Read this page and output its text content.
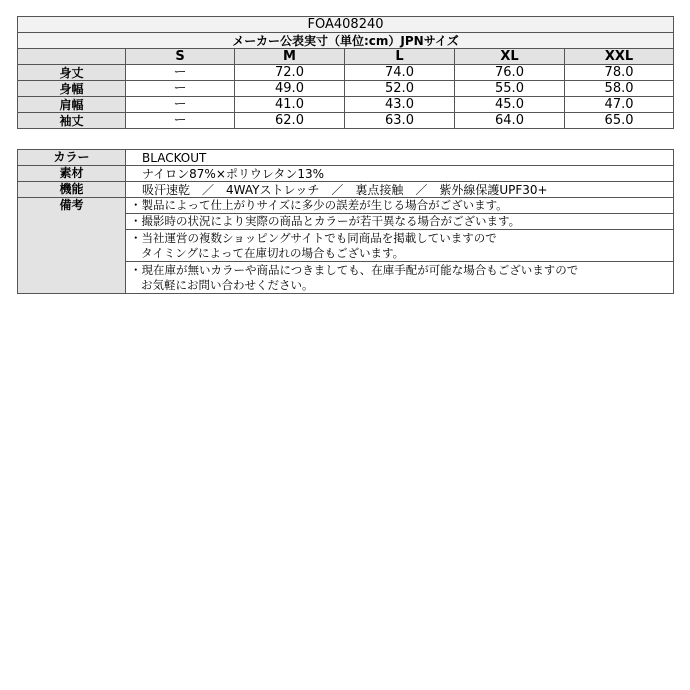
FOA408240					
メーカー公表実寸（単位:cm）JPNサイズ					
	S	M	L	XL	XXL
身丈	ー	72.0	74.0	76.0	78.0
身幅	ー	49.0	52.0	55.0	58.0
肩幅	ー	41.0	43.0	45.0	47.0
袖丈	ー	62.0	63.0	64.0	65.0
カラー	BLACKOUT
素材	ナイロン87%×ポリウレタン13%
機能	吸汗速乾　／　4WAYストレッチ　／　裏点接触　／　紫外線保護UPF30+
備考	・製品によって仕上がりサイズに多少の誤差が生じる場合がございます。
	・撮影時の状況により実際の商品とカラーが若干異なる場合がございます。

	・当社運営の複数ショッピングサイトでも同商品を掲載していますので
タイミングによって在庫切れの場合もございます。

	・現在庫が無いカラーや商品につきましても、在庫手配が可能な場合もございますので
お気軽にお問い合わせください。
